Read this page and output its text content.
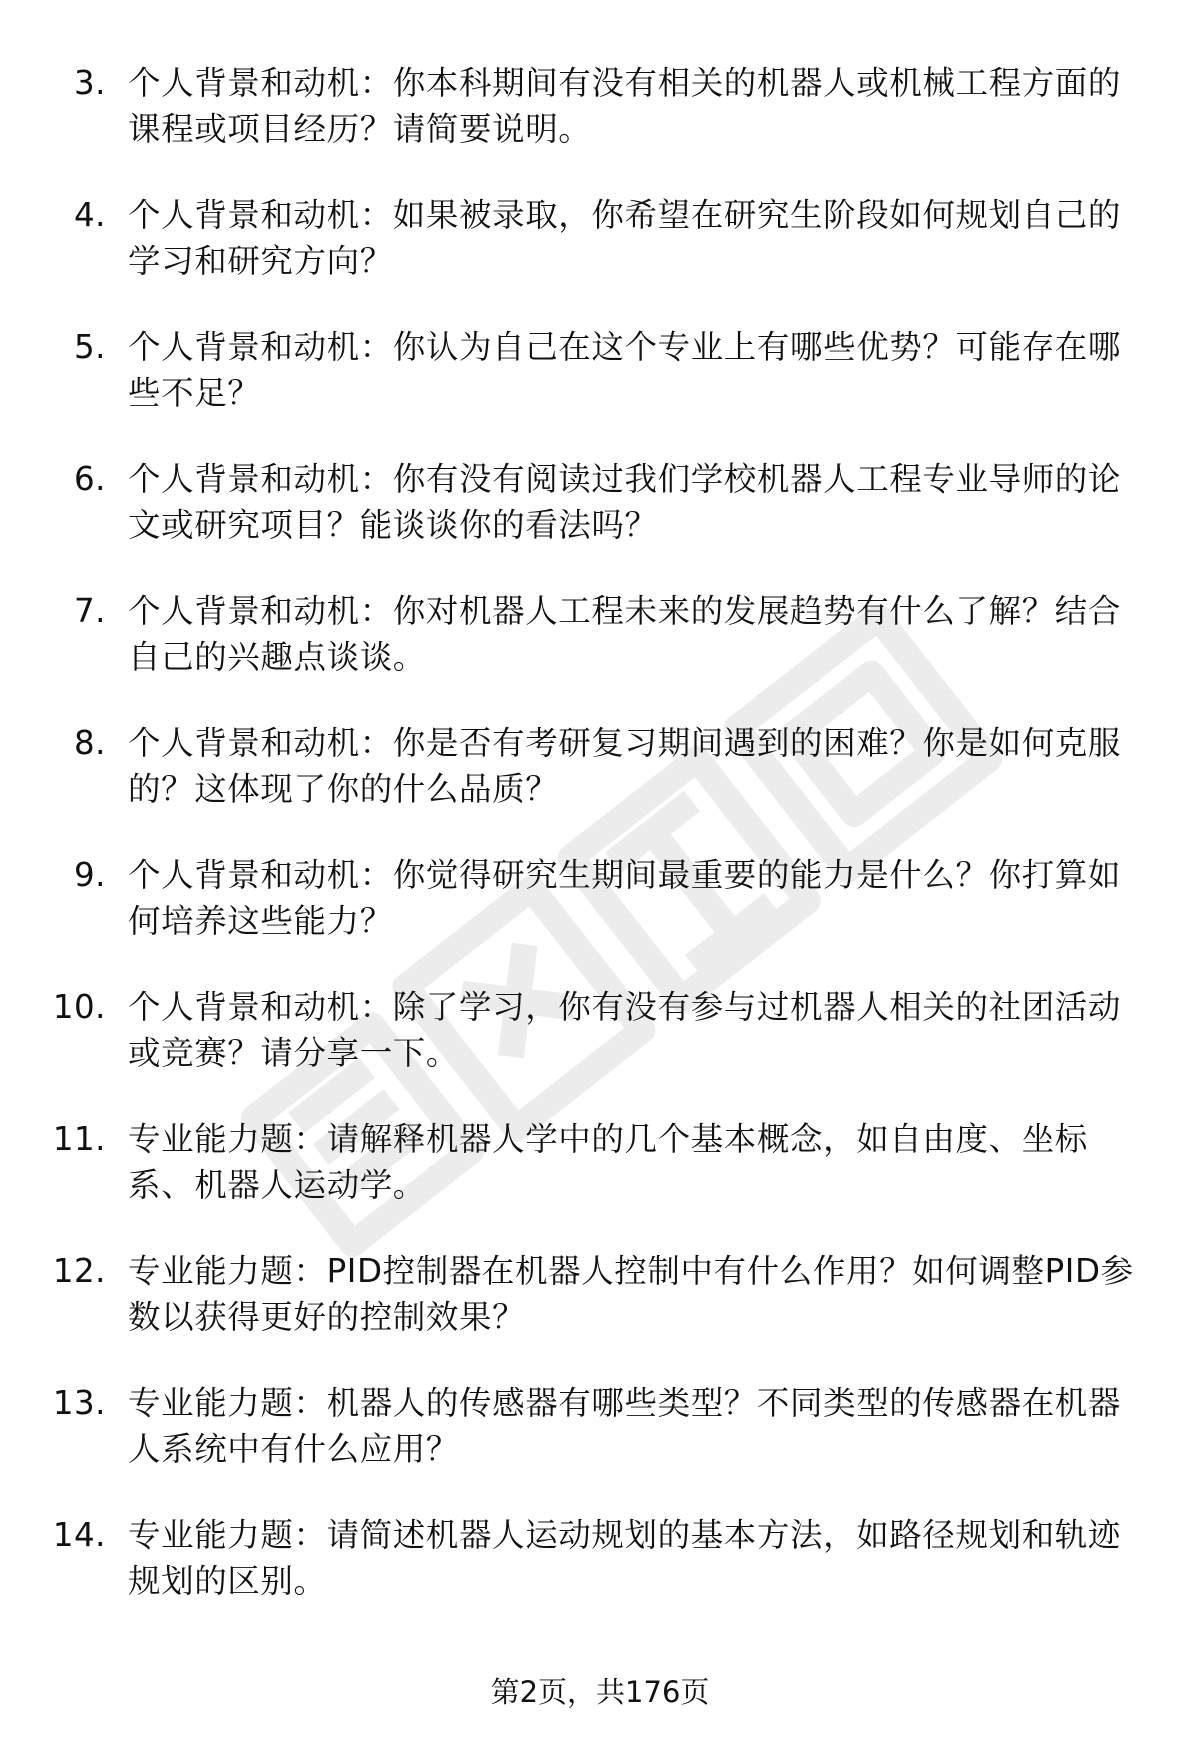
3. 个人背景和动机：你本科期间有没有相关的机器人或机械工程方面的课程或项目经历？请简要说明。
4. 个人背景和动机：如果被录取，你希望在研究生阶段如何规划自己的学习和研究方向？
5. 个人背景和动机：你认为自己在这个专业上有哪些优势？可能存在哪些不足？
6. 个人背景和动机：你有没有阅读过我们学校机器人工程专业导师的论文或研究项目？能谈谈你的看法吗？
7. 个人背景和动机：你对机器人工程未来的发展趋势有什么了解？结合自己的兴趣点谈谈。
8. 个人背景和动机：你是否有考研复习期间遇到的困难？你是如何克服的？这体现了你的什么品质？
9. 个人背景和动机：你觉得研究生期间最重要的能力是什么？你打算如何培养这些能力？
10. 个人背景和动机：除了学习，你有没有参与过机器人相关的社团活动或竞赛？请分享一下。
11. 专业能力题：请解释机器人学中的几个基本概念，如自由度、坐标系、机器人运动学。
12. 专业能力题：PID控制器在机器人控制中有什么作用？如何调整PID参数以获得更好的控制效果？
13. 专业能力题：机器人的传感器有哪些类型？不同类型的传感器在机器人系统中有什么应用？
14. 专业能力题：请简述机器人运动规划的基本方法，如路径规划和轨迹规划的区别。
第2页，共176页
